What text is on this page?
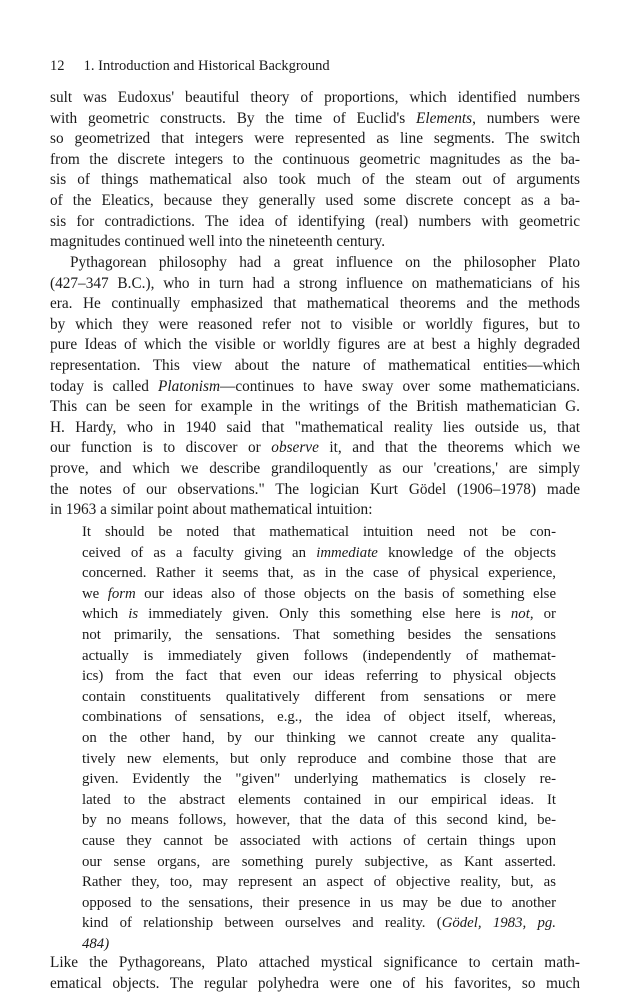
12 1. Introduction and Historical Background
sult was Eudoxus' beautiful theory of proportions, which identified numbers
with geometric constructs. By the time of Euclid's Elements, numbers were
so geometrized that integers were represented as line segments. The switch
from the discrete integers to the continuous geometric magnitudes as the ba-
sis of things mathematical also took much of the steam out of arguments
of the Eleatics, because they generally used some discrete concept as a ba-
sis for contradictions. The idea of identifying (real) numbers with geometric
magnitudes continued well into the nineteenth century.
Pythagorean philosophy had a great influence on the philosopher Plato
(427–347 B.C.), who in turn had a strong influence on mathematicians of his
era. He continually emphasized that mathematical theorems and the methods
by which they were reasoned refer not to visible or worldly figures, but to
pure Ideas of which the visible or worldly figures are at best a highly degraded
representation. This view about the nature of mathematical entities—which
today is called Platonism—continues to have sway over some mathematicians.
This can be seen for example in the writings of the British mathematician G.
H. Hardy, who in 1940 said that "mathematical reality lies outside us, that
our function is to discover or observe it, and that the theorems which we
prove, and which we describe grandiloquently as our 'creations,' are simply
the notes of our observations." The logician Kurt Gödel (1906–1978) made
in 1963 a similar point about mathematical intuition:
It should be noted that mathematical intuition need not be con-
ceived of as a faculty giving an immediate knowledge of the objects
concerned. Rather it seems that, as in the case of physical experience,
we form our ideas also of those objects on the basis of something else
which is immediately given. Only this something else here is not, or
not primarily, the sensations. That something besides the sensations
actually is immediately given follows (independently of mathemat-
ics) from the fact that even our ideas referring to physical objects
contain constituents qualitatively different from sensations or mere
combinations of sensations, e.g., the idea of object itself, whereas,
on the other hand, by our thinking we cannot create any qualita-
tively new elements, but only reproduce and combine those that are
given. Evidently the "given" underlying mathematics is closely re-
lated to the abstract elements contained in our empirical ideas. It
by no means follows, however, that the data of this second kind, be-
cause they cannot be associated with actions of certain things upon
our sense organs, are something purely subjective, as Kant asserted.
Rather they, too, may represent an aspect of objective reality, but, as
opposed to the sensations, their presence in us may be due to another
kind of relationship between ourselves and reality. (Gödel, 1983, pg.
484)
Like the Pythagoreans, Plato attached mystical significance to certain math-
ematical objects. The regular polyhedra were one of his favorites, so much
